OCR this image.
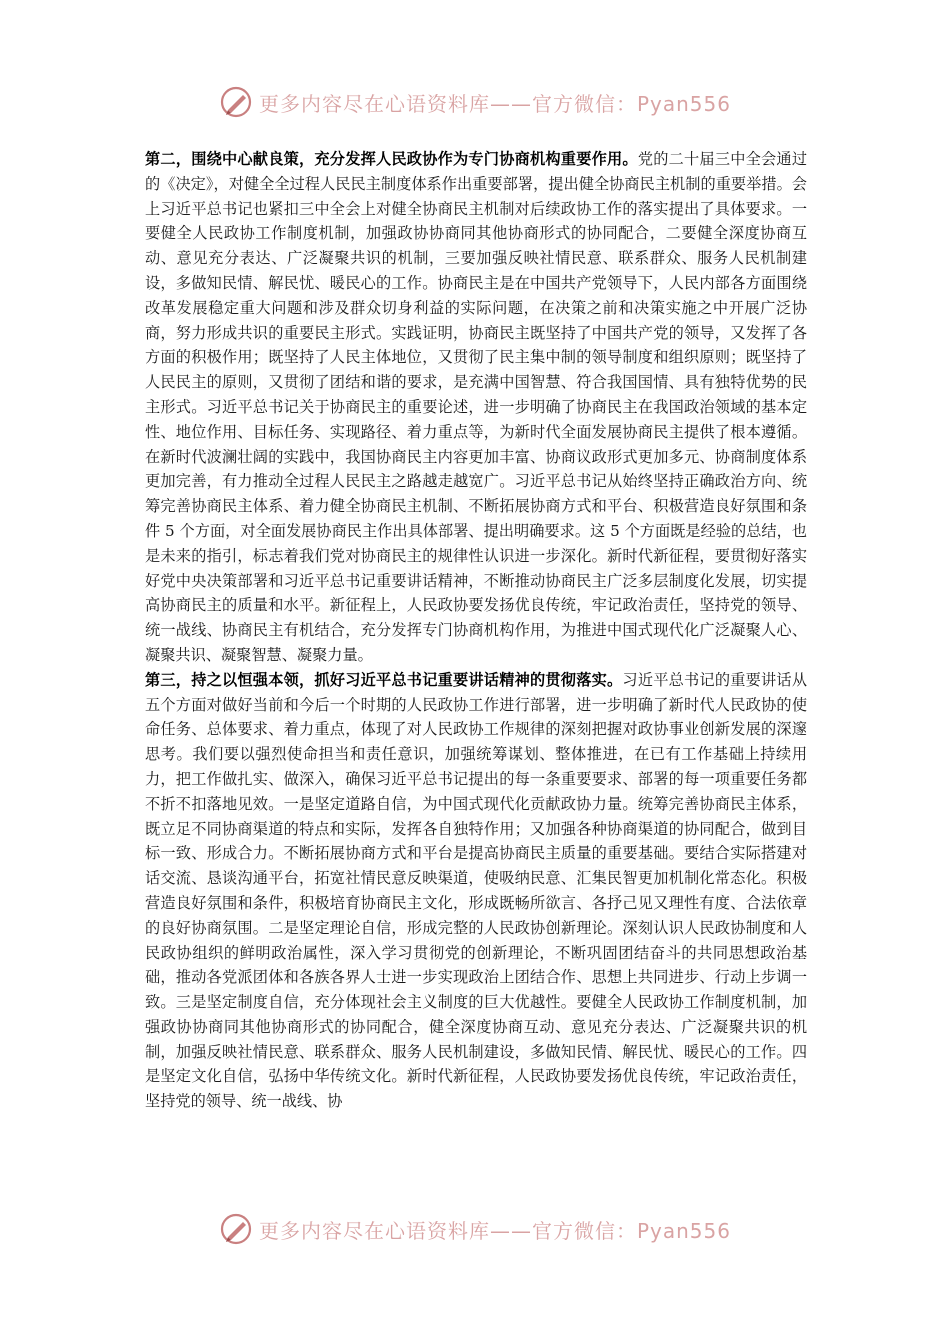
更多内容尽在心语资料库——官方微信：Pyan556

第二，围绕中心献良策，充分发挥人民政协作为专门协商机构重要作用。党的二十届三中全会通过的《决定》，对健全全过程人民民主制度体系作出重要部署，提出健全协商民主机制的重要举措。会上习近平总书记也紧扣三中全会上对健全协商民主机制对后续政协工作的落实提出了具体要求。一要健全人民政协工作制度机制，加强政协协商同其他协商形式的协同配合，二要健全深度协商互动、意见充分表达、广泛凝聚共识的机制，三要加强反映社情民意、联系群众、服务人民机制建设，多做知民情、解民忧、暖民心的工作。协商民主是在中国共产党领导下，人民内部各方面围绕改革发展稳定重大问题和涉及群众切身利益的实际问题，在决策之前和决策实施之中开展广泛协商，努力形成共识的重要民主形式。实践证明，协商民主既坚持了中国共产党的领导，又发挥了各方面的积极作用；既坚持了人民主体地位，又贯彻了民主集中制的领导制度和组织原则；既坚持了人民民主的原则，又贯彻了团结和谐的要求，是充满中国智慧、符合我国国情、具有独特优势的民主形式。习近平总书记关于协商民主的重要论述，进一步明确了协商民主在我国政治领域的基本定性、地位作用、目标任务、实现路径、着力重点等，为新时代全面发展协商民主提供了根本遵循。在新时代波澜壮阔的实践中，我国协商民主内容更加丰富、协商议政形式更加多元、协商制度体系更加完善，有力推动全过程人民民主之路越走越宽广。习近平总书记从始终坚持正确政治方向、统筹完善协商民主体系、着力健全协商民主机制、不断拓展协商方式和平台、积极营造良好氛围和条件 5 个方面，对全面发展协商民主作出具体部署、提出明确要求。这 5 个方面既是经验的总结，也是未来的指引，标志着我们党对协商民主的规律性认识进一步深化。新时代新征程，要贯彻好落实好党中央决策部署和习近平总书记重要讲话精神，不断推动协商民主广泛多层制度化发展，切实提高协商民主的质量和水平。新征程上，人民政协要发扬优良传统，牢记政治责任，坚持党的领导、统一战线、协商民主有机结合，充分发挥专门协商机构作用，为推进中国式现代化广泛凝聚人心、凝聚共识、凝聚智慧、凝聚力量。

第三，持之以恒强本领，抓好习近平总书记重要讲话精神的贯彻落实。习近平总书记的重要讲话从五个方面对做好当前和今后一个时期的人民政协工作进行部署，进一步明确了新时代人民政协的使命任务、总体要求、着力重点，体现了对人民政协工作规律的深刻把握对政协事业创新发展的深邃思考。我们要以强烈使命担当和责任意识，加强统筹谋划、整体推进，在已有工作基础上持续用力，把工作做扎实、做深入，确保习近平总书记提出的每一条重要要求、部署的每一项重要任务都不折不扣落地见效。一是坚定道路自信，为中国式现代化贡献政协力量。统筹完善协商民主体系，既立足不同协商渠道的特点和实际，发挥各自独特作用；又加强各种协商渠道的协同配合，做到目标一致、形成合力。不断拓展协商方式和平台是提高协商民主质量的重要基础。要结合实际搭建对话交流、恳谈沟通平台，拓宽社情民意反映渠道，使吸纳民意、汇集民智更加机制化常态化。积极营造良好氛围和条件，积极培育协商民主文化，形成既畅所欲言、各抒己见又理性有度、合法依章的良好协商氛围。二是坚定理论自信，形成完整的人民政协创新理论。深刻认识人民政协制度和人民政协组织的鲜明政治属性，深入学习贯彻党的创新理论，不断巩固团结奋斗的共同思想政治基础，推动各党派团体和各族各界人士进一步实现政治上团结合作、思想上共同进步、行动上步调一致。三是坚定制度自信，充分体现社会主义制度的巨大优越性。要健全人民政协工作制度机制，加强政协协商同其他协商形式的协同配合，健全深度协商互动、意见充分表达、广泛凝聚共识的机制，加强反映社情民意、联系群众、服务人民机制建设，多做知民情、解民忧、暖民心的工作。四是坚定文化自信，弘扬中华传统文化。新时代新征程，人民政协要发扬优良传统，牢记政治责任，坚持党的领导、统一战线、协

更多内容尽在心语资料库——官方微信：Pyan556
